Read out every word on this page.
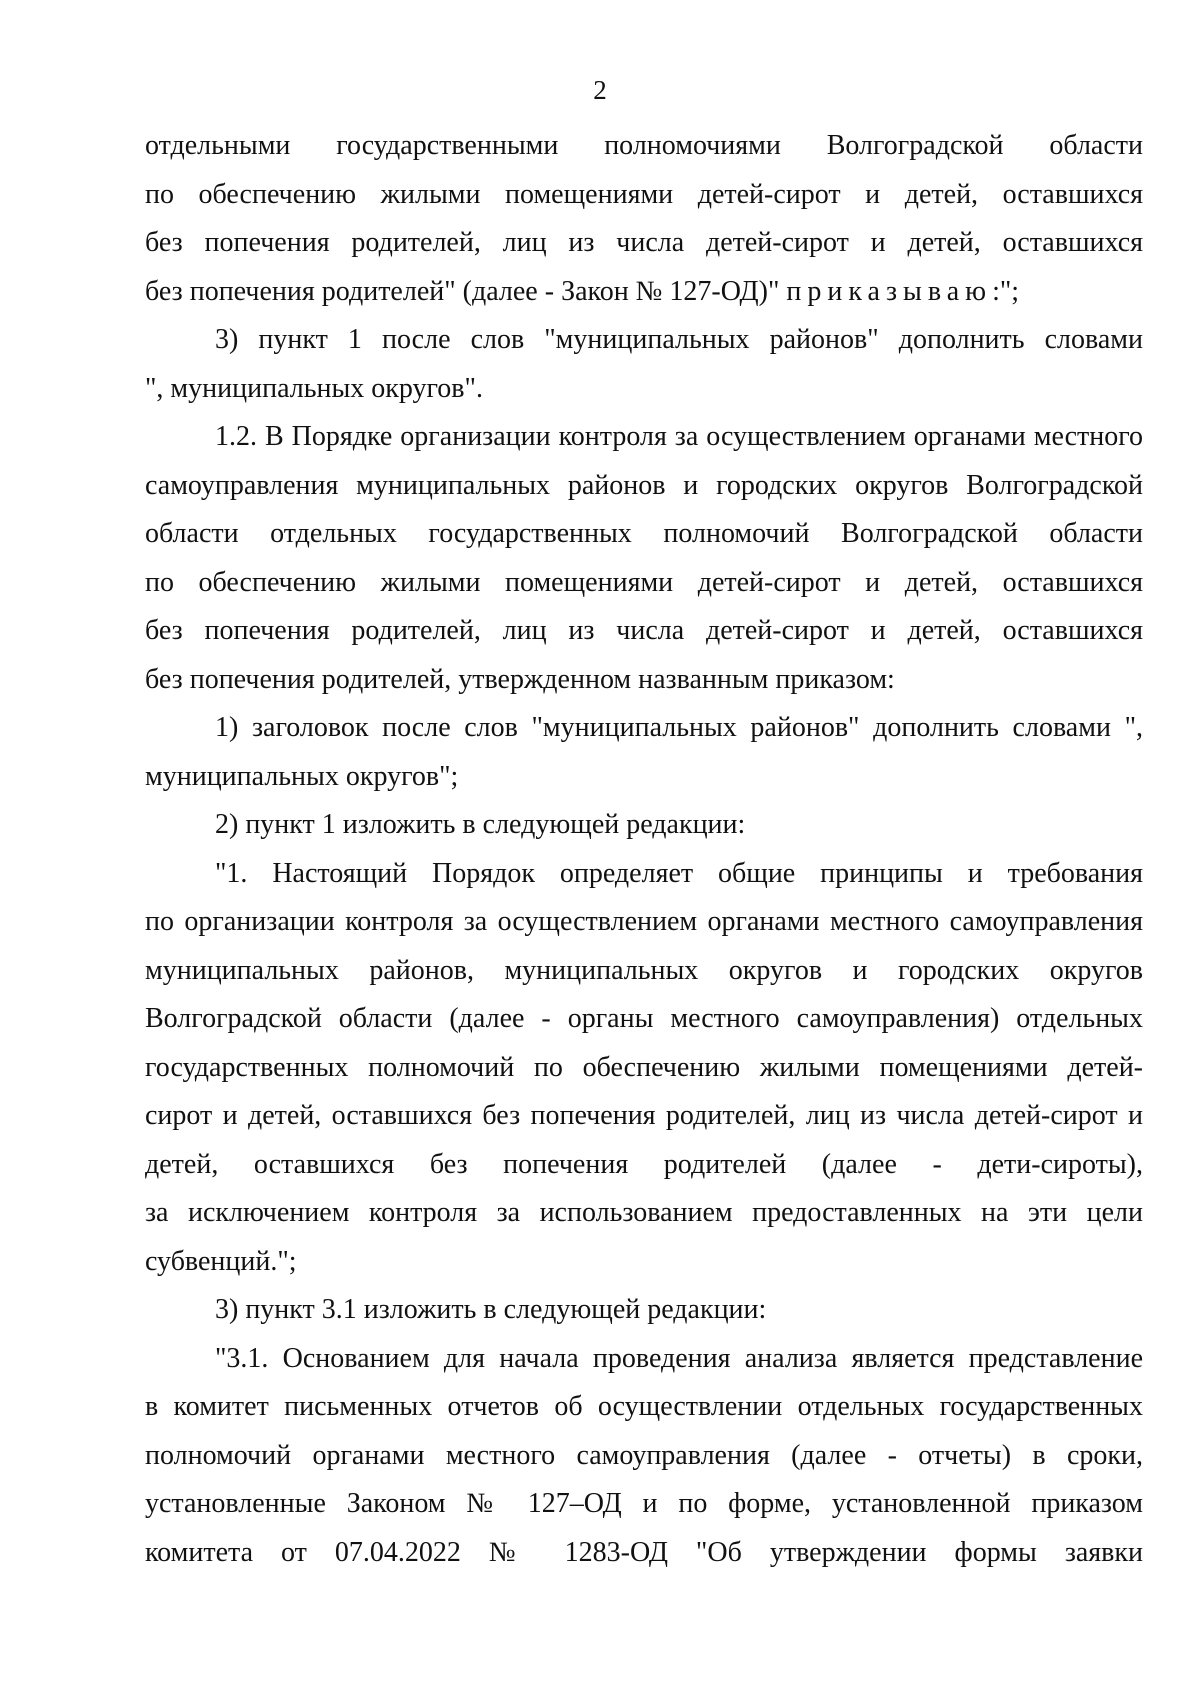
2
отдельными государственными полномочиями Волгоградской области
по обеспечению жилыми помещениями детей-сирот и детей, оставшихся
без попечения родителей, лиц из числа детей-сирот и детей, оставшихся
без попечения родителей" (далее - Закон № 127-ОД)" приказываю:";
3) пункт 1 после слов "муниципальных районов" дополнить словами
", муниципальных округов".
1.2. В Порядке организации контроля за осуществлением органами местного
самоуправления муниципальных районов и городских округов Волгоградской
области отдельных государственных полномочий Волгоградской области
по обеспечению жилыми помещениями детей-сирот и детей, оставшихся
без попечения родителей, лиц из числа детей-сирот и детей, оставшихся
без попечения родителей, утвержденном названным приказом:
1) заголовок после слов "муниципальных районов" дополнить словами ",
муниципальных округов";
2) пункт 1 изложить в следующей редакции:
"1. Настоящий Порядок определяет общие принципы и требования
по организации контроля за осуществлением органами местного самоуправления
муниципальных районов, муниципальных округов и городских округов
Волгоградской области (далее - органы местного самоуправления) отдельных
государственных полномочий по обеспечению жилыми помещениями детей-
сирот и детей, оставшихся без попечения родителей, лиц из числа детей-сирот и
детей, оставшихся без попечения родителей (далее - дети-сироты),
за исключением контроля за использованием предоставленных на эти цели
субвенций.";
3) пункт 3.1 изложить в следующей редакции:
"3.1. Основанием для начала проведения анализа является представление
в комитет письменных отчетов об осуществлении отдельных государственных
полномочий органами местного самоуправления (далее - отчеты) в сроки,
установленные Законом № 127–ОД и по форме, установленной приказом
комитета от 07.04.2022 № 1283-ОД "Об утверждении формы заявки
